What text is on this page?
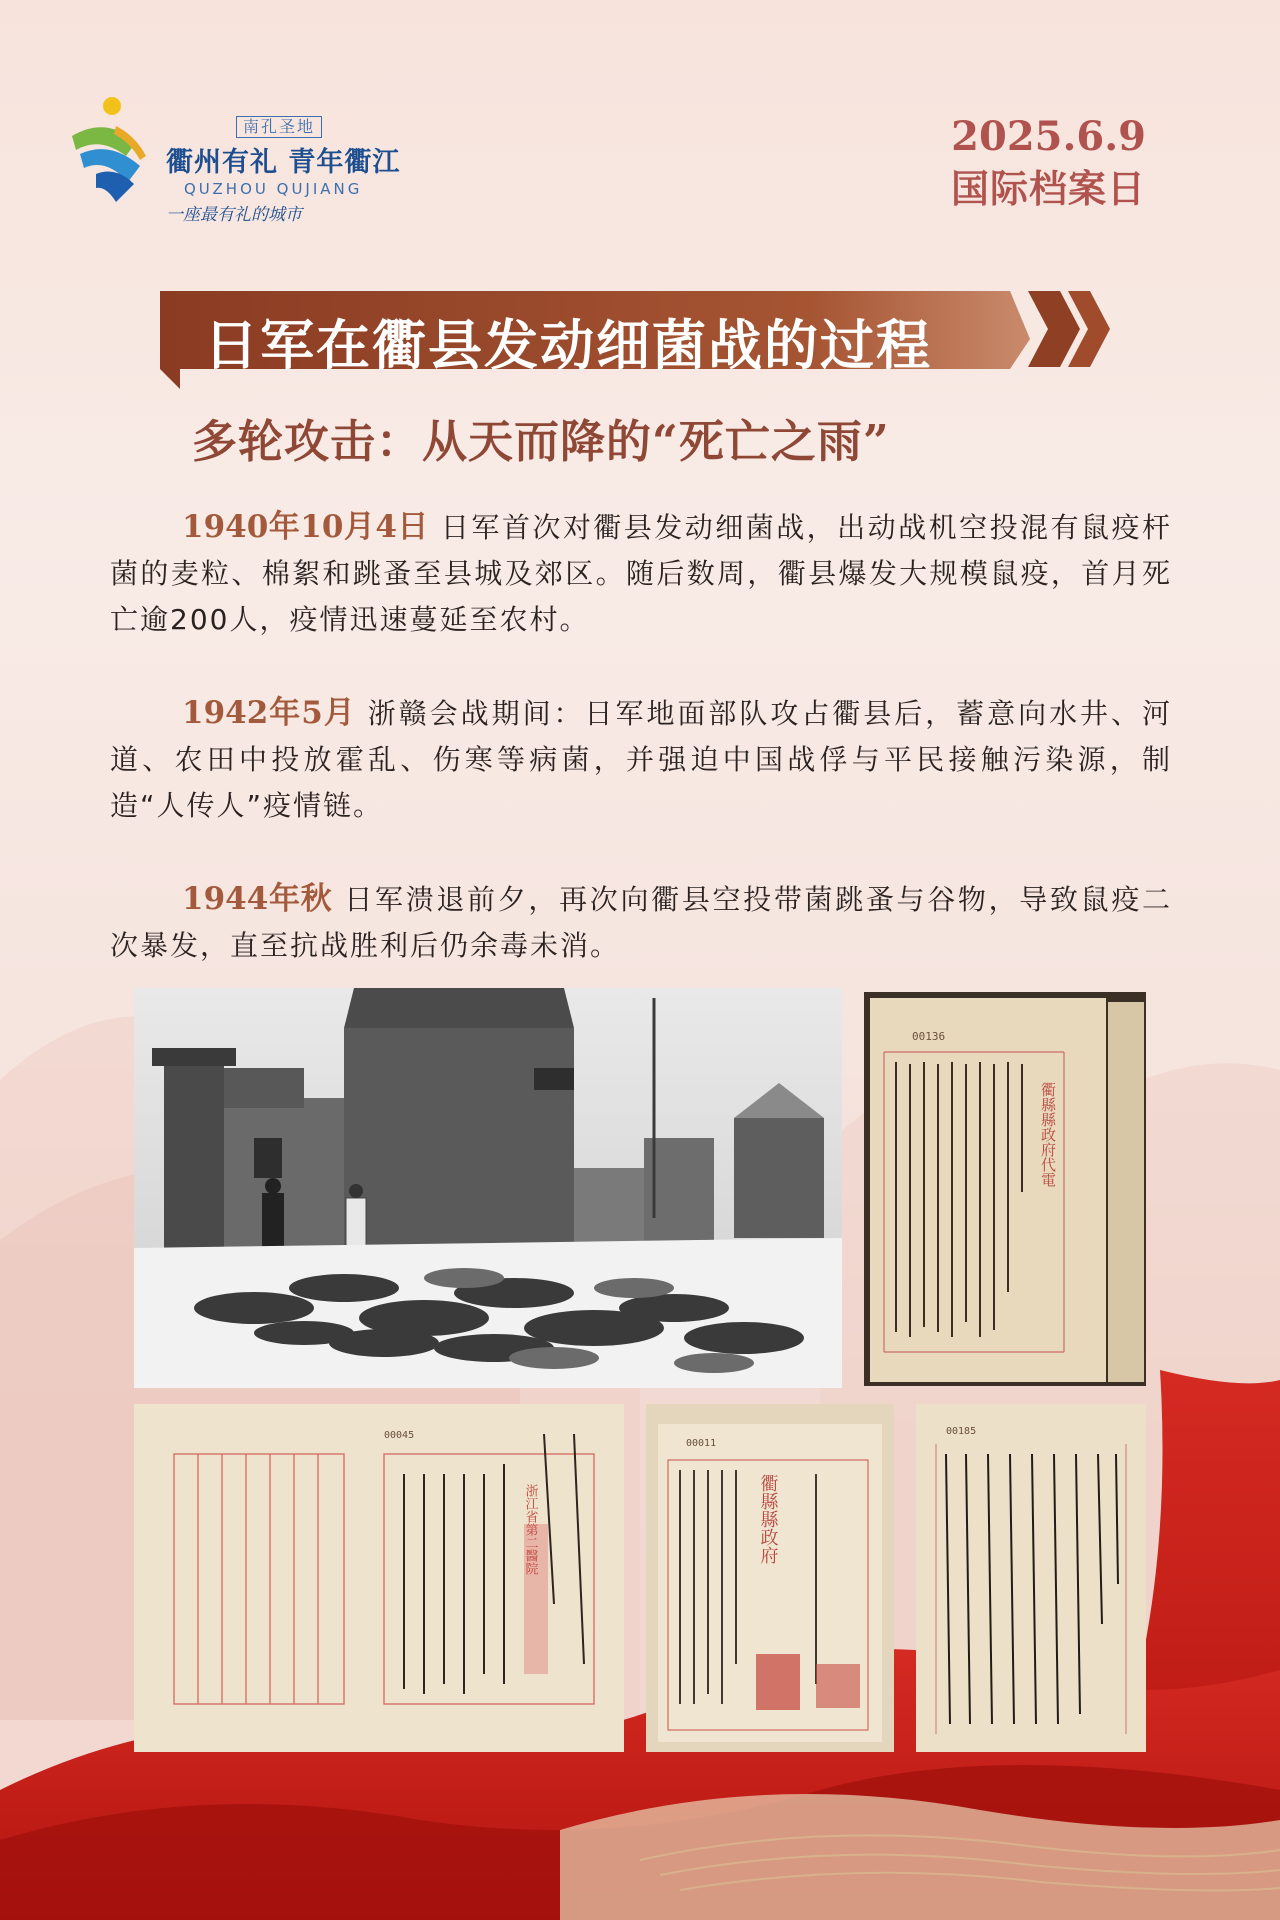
南孔圣地
衢州有礼 青年衢江
QUZHOU QUJIANG
一座最有礼的城市
2025.6.9
国际档案日
日军在衢县发动细菌战的过程
多轮攻击：从天而降的“死亡之雨”
1940年10月4日 日军首次对衢县发动细菌战，出动战机空投混有鼠疫杆菌的麦粒、棉絮和跳蚤至县城及郊区。随后数周，衢县爆发大规模鼠疫，首月死亡逾200人，疫情迅速蔓延至农村。
1942年5月 浙赣会战期间：日军地面部队攻占衢县后，蓄意向水井、河道、农田中投放霍乱、伤寒等病菌，并强迫中国战俘与平民接触污染源，制造“人传人”疫情链。
1944年秋 日军溃退前夕，再次向衢县空投带菌跳蚤与谷物，导致鼠疫二次暴发，直至抗战胜利后仍余毒未消。
00136
衢縣縣政府代電
00045
浙江省第二醫院
00011
衢縣縣政府
00185
